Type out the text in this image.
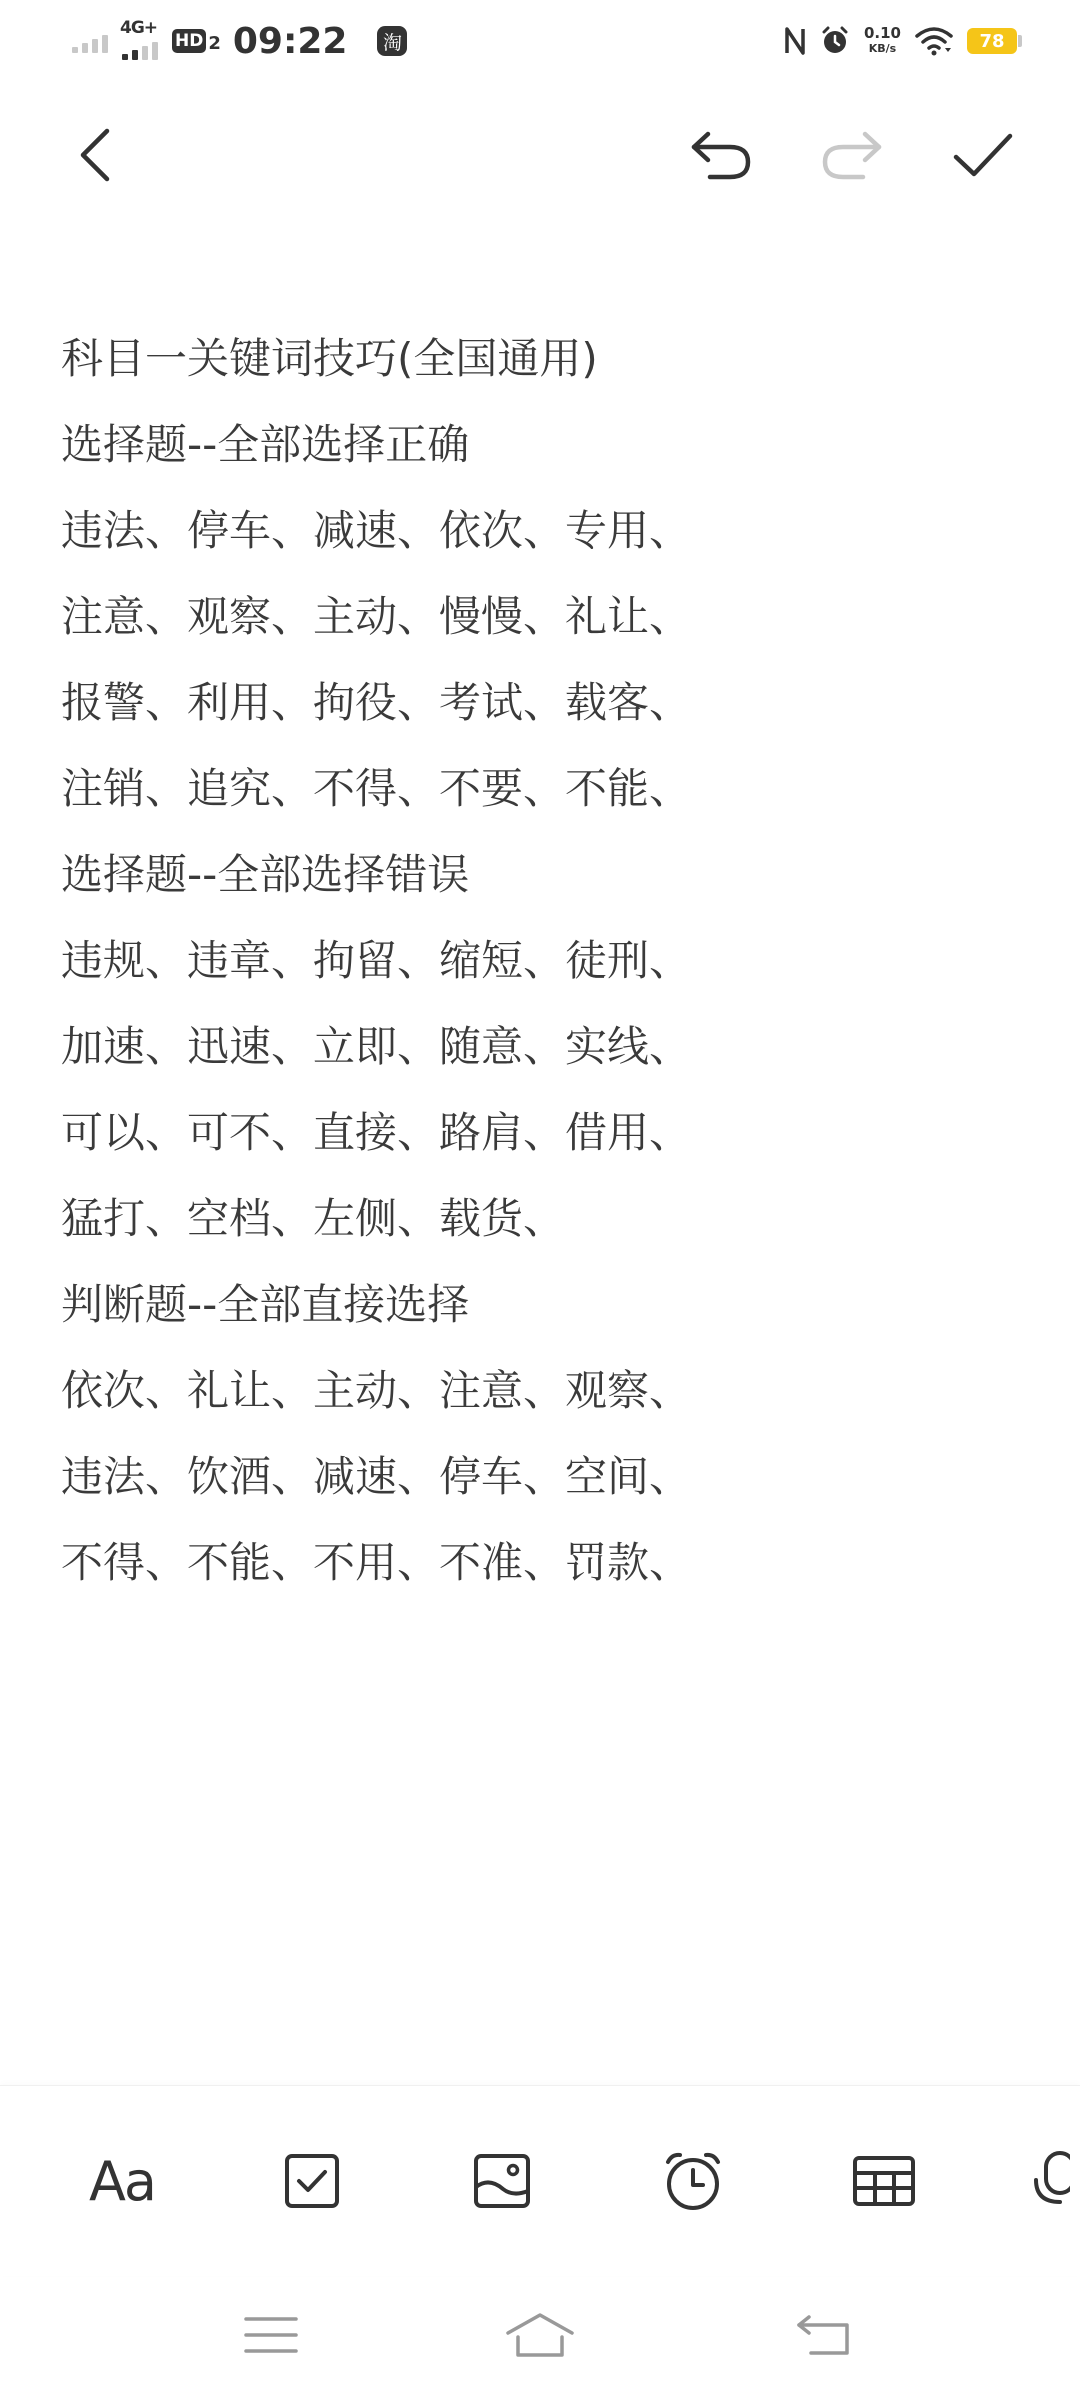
4G+
HD 2 09:22 淘	0.10
KB/s	78
科目一关键词技巧(全国通用)
选择题--全部选择正确
违法、停车、减速、依次、专用、
注意、观察、主动、慢慢、礼让、
报警、利用、拘役、考试、载客、
注销、追究、不得、不要、不能、
选择题--全部选择错误
违规、违章、拘留、缩短、徒刑、
加速、迅速、立即、随意、实线、
可以、可不、直接、路肩、借用、
猛打、空档、左侧、载货、
判断题--全部直接选择
依次、礼让、主动、注意、观察、
违法、饮酒、减速、停车、空间、
不得、不能、不用、不准、罚款、
Aa
